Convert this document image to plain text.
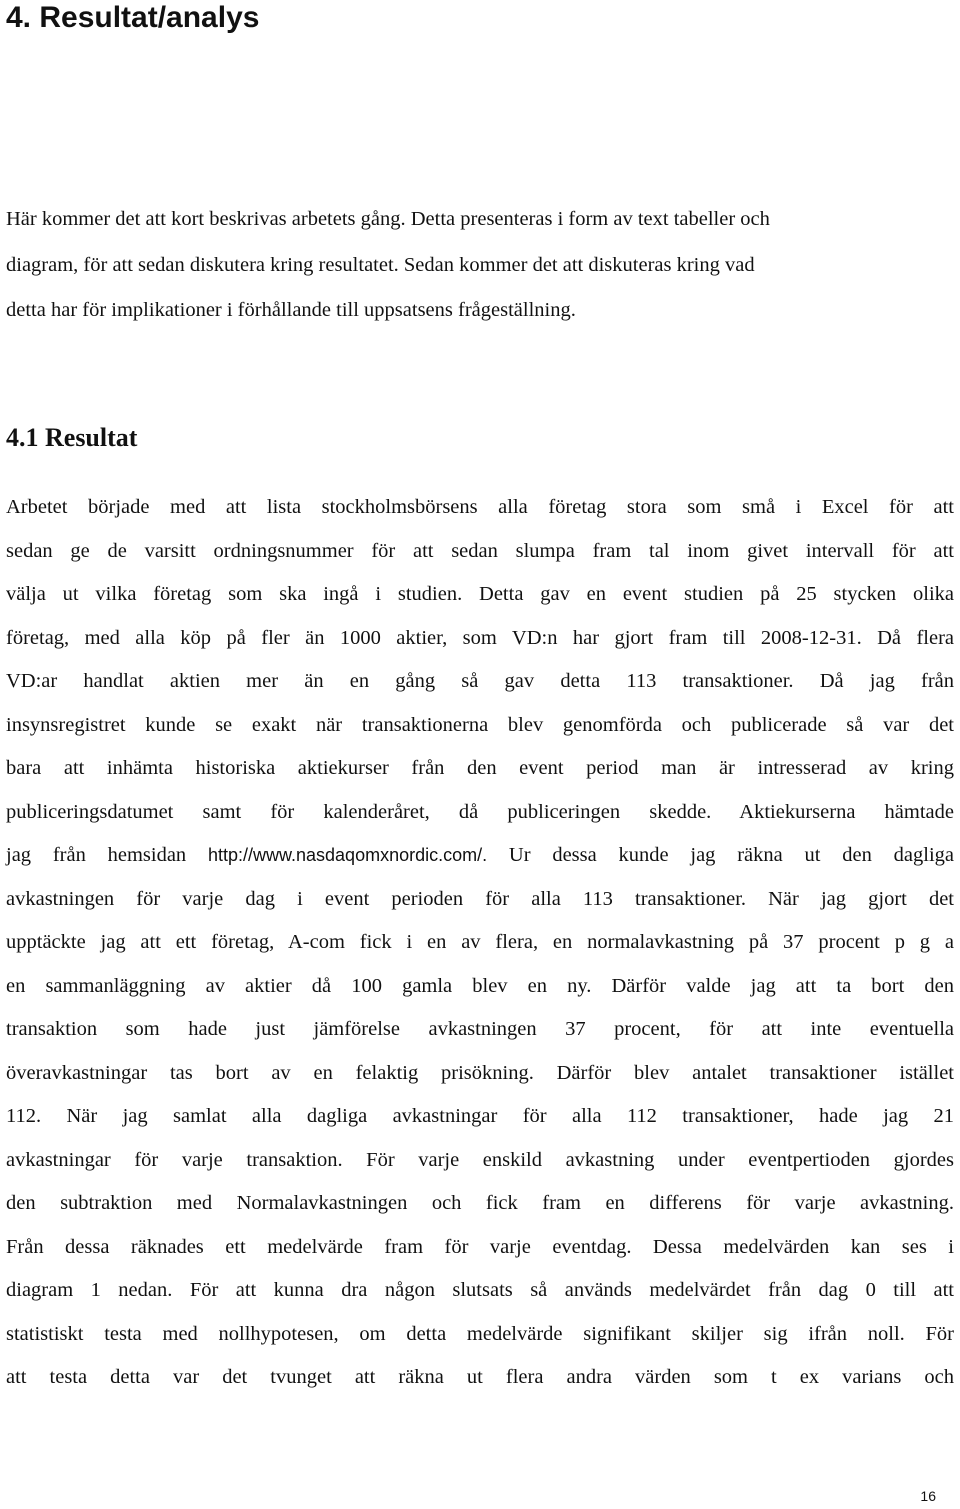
4. Resultat/analys

Här kommer det att kort beskrivas arbetets gång. Detta presenteras i form av text tabeller och
diagram, för att sedan diskutera kring resultatet. Sedan kommer det att diskuteras kring vad
detta har för implikationer i förhållande till uppsatsens frågeställning.

4.1 Resultat

Arbetet började med att lista stockholmsbörsens alla företag stora som små i Excel för att
sedan ge de varsitt ordningsnummer för att sedan slumpa fram tal inom givet intervall för att
välja ut vilka företag som ska ingå i studien. Detta gav en event studien på 25 stycken olika
företag, med alla köp på fler än 1000 aktier, som VD:n har gjort fram till 2008-12-31. Då flera
VD:ar handlat aktien mer än en gång så gav detta 113 transaktioner. Då jag från
insynsregistret kunde se exakt när transaktionerna blev genomförda och publicerade så var det
bara att inhämta historiska aktiekurser från den event period man är intresserad av kring
publiceringsdatumet samt för kalenderåret, då publiceringen skedde. Aktiekurserna hämtade
jag från hemsidan http://www.nasdaqomxnordic.com/. Ur dessa kunde jag räkna ut den dagliga
avkastningen för varje dag i event perioden för alla 113 transaktioner. När jag gjort det
upptäckte jag att ett företag, A-com fick i en av flera, en normalavkastning på 37 procent p g a
en sammanläggning av aktier då 100 gamla blev en ny. Därför valde jag att ta bort den
transaktion som hade just jämförelse avkastningen 37 procent, för att inte eventuella
överavkastningar tas bort av en felaktig prisökning. Därför blev antalet transaktioner istället
112. När jag samlat alla dagliga avkastningar för alla 112 transaktioner, hade jag 21
avkastningar för varje transaktion. För varje enskild avkastning under eventpertioden gjordes
den subtraktion med Normalavkastningen och fick fram en differens för varje avkastning.
Från dessa räknades ett medelvärde fram för varje eventdag. Dessa medelvärden kan ses i
diagram 1 nedan. För att kunna dra någon slutsats så används medelvärdet från dag 0 till att
statistiskt testa med nollhypotesen, om detta medelvärde signifikant skiljer sig ifrån noll. För
att testa detta var det tvunget att räkna ut flera andra värden som t ex varians och

16
